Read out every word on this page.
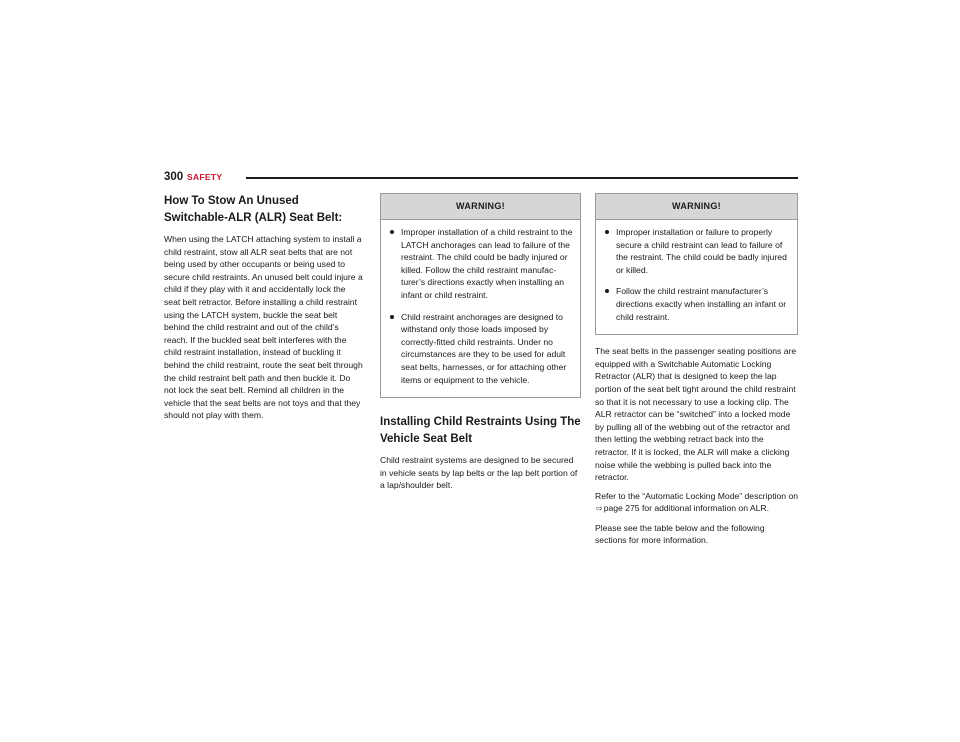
300 SAFETY
How To Stow An Unused Switchable-ALR (ALR) Seat Belt:

When using the LATCH attaching system to install a child restraint, stow all ALR seat belts that are not being used by other occupants or being used to secure child restraints. An unused belt could injure a child if they play with it and accidentally lock the seat belt retractor. Before installing a child restraint using the LATCH system, buckle the seat belt behind the child restraint and out of the child’s reach. If the buckled seat belt interferes with the child restraint installation, instead of buckling it behind the child restraint, route the seat belt through the child restraint belt path and then buckle it. Do not lock the seat belt. Remind all children in the vehicle that the seat belts are not toys and that they should not play with them.

WARNING!
Improper installation of a child restraint to the LATCH anchorages can lead to failure of the restraint. The child could be badly injured or killed. Follow the child restraint manufac-turer’s directions exactly when installing an infant or child restraint.
Child restraint anchorages are designed to withstand only those loads imposed by correctly-fitted child restraints. Under no circumstances are they to be used for adult seat belts, harnesses, or for attaching other items or equipment to the vehicle.
Installing Child Restraints Using The Vehicle Seat Belt

Child restraint systems are designed to be secured in vehicle seats by lap belts or the lap belt portion of a lap/shoulder belt.

WARNING!
Improper installation or failure to properly secure a child restraint can lead to failure of the restraint. The child could be badly injured or killed.
Follow the child restraint manufacturer’s directions exactly when installing an infant or child restraint.

The seat belts in the passenger seating positions are equipped with a Switchable Automatic Locking Retractor (ALR) that is designed to keep the lap portion of the seat belt tight around the child restraint so that it is not necessary to use a locking clip. The ALR retractor can be “switched” into a locked mode by pulling all of the webbing out of the retractor and then letting the webbing retract back into the retractor. If it is locked, the ALR will make a clicking noise while the webbing is pulled back into the retractor.

Refer to the “Automatic Locking Mode” description on ⇨page 275 for additional information on ALR.

Please see the table below and the following sections for more information.
